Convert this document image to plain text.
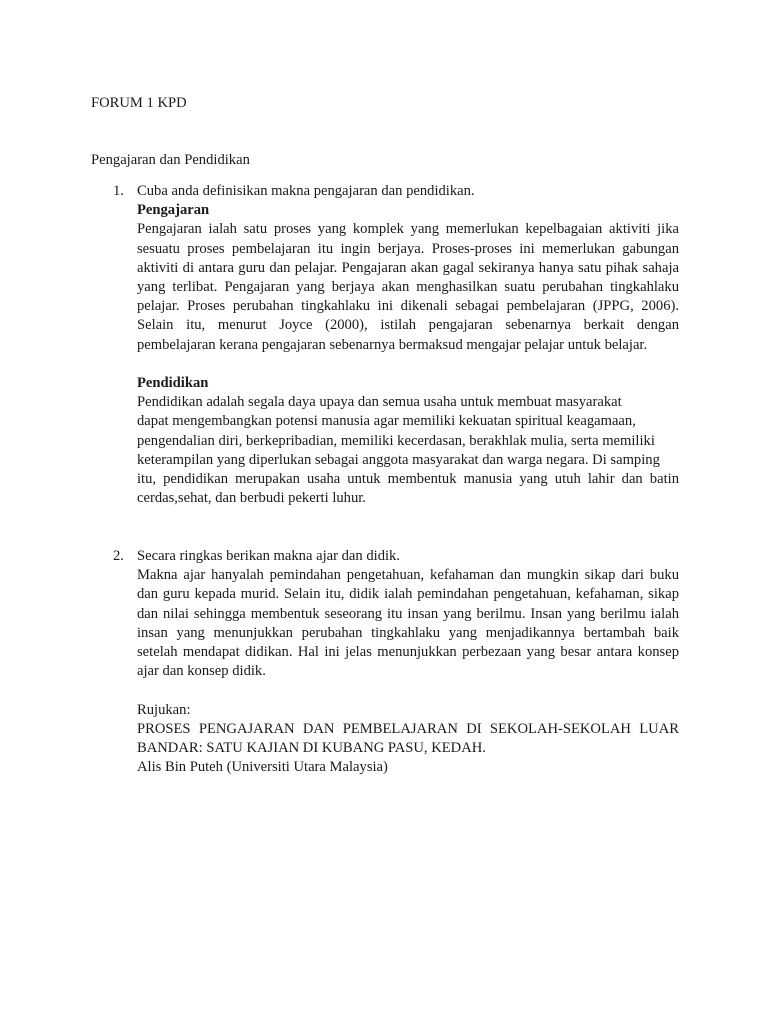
FORUM 1 KPD

Pengajaran dan Pendidikan

1. Cuba anda definisikan makna pengajaran dan pendidikan.

Pengajaran

Pengajaran ialah satu proses yang komplek yang memerlukan kepelbagaian aktiviti jika sesuatu proses pembelajaran itu ingin berjaya. Proses-proses ini memerlukan gabungan aktiviti di antara guru dan pelajar. Pengajaran akan gagal sekiranya hanya satu pihak sahaja yang terlibat. Pengajaran yang berjaya akan menghasilkan suatu perubahan tingkahlaku pelajar. Proses perubahan tingkahlaku ini dikenali sebagai pembelajaran (JPPG, 2006). Selain itu, menurut Joyce (2000), istilah pengajaran sebenarnya berkait dengan pembelajaran kerana pengajaran sebenarnya bermaksud mengajar pelajar untuk belajar.

Pendidikan

Pendidikan adalah segala daya upaya dan semua usaha untuk membuat masyarakat

dapat mengembangkan potensi manusia agar memiliki kekuatan spiritual keagamaan,

pengendalian diri, berkepribadian, memiliki kecerdasan, berakhlak mulia, serta memiliki

keterampilan yang diperlukan sebagai anggota masyarakat dan warga negara. Di samping

itu, pendidikan merupakan usaha untuk membentuk manusia yang utuh lahir dan batin cerdas,sehat, dan berbudi pekerti luhur.

2. Secara ringkas berikan makna ajar dan didik.

Makna ajar hanyalah pemindahan pengetahuan, kefahaman dan mungkin sikap dari buku dan guru kepada murid. Selain itu, didik ialah pemindahan pengetahuan, kefahaman, sikap dan nilai sehingga membentuk seseorang itu insan yang berilmu. Insan yang berilmu ialah insan yang menunjukkan perubahan tingkahlaku yang menjadikannya bertambah baik setelah mendapat didikan. Hal ini jelas menunjukkan perbezaan yang besar antara konsep ajar dan konsep didik.

Rujukan:

PROSES PENGAJARAN DAN PEMBELAJARAN DI SEKOLAH-SEKOLAH LUAR BANDAR: SATU KAJIAN DI KUBANG PASU, KEDAH.

Alis Bin Puteh (Universiti Utara Malaysia)
